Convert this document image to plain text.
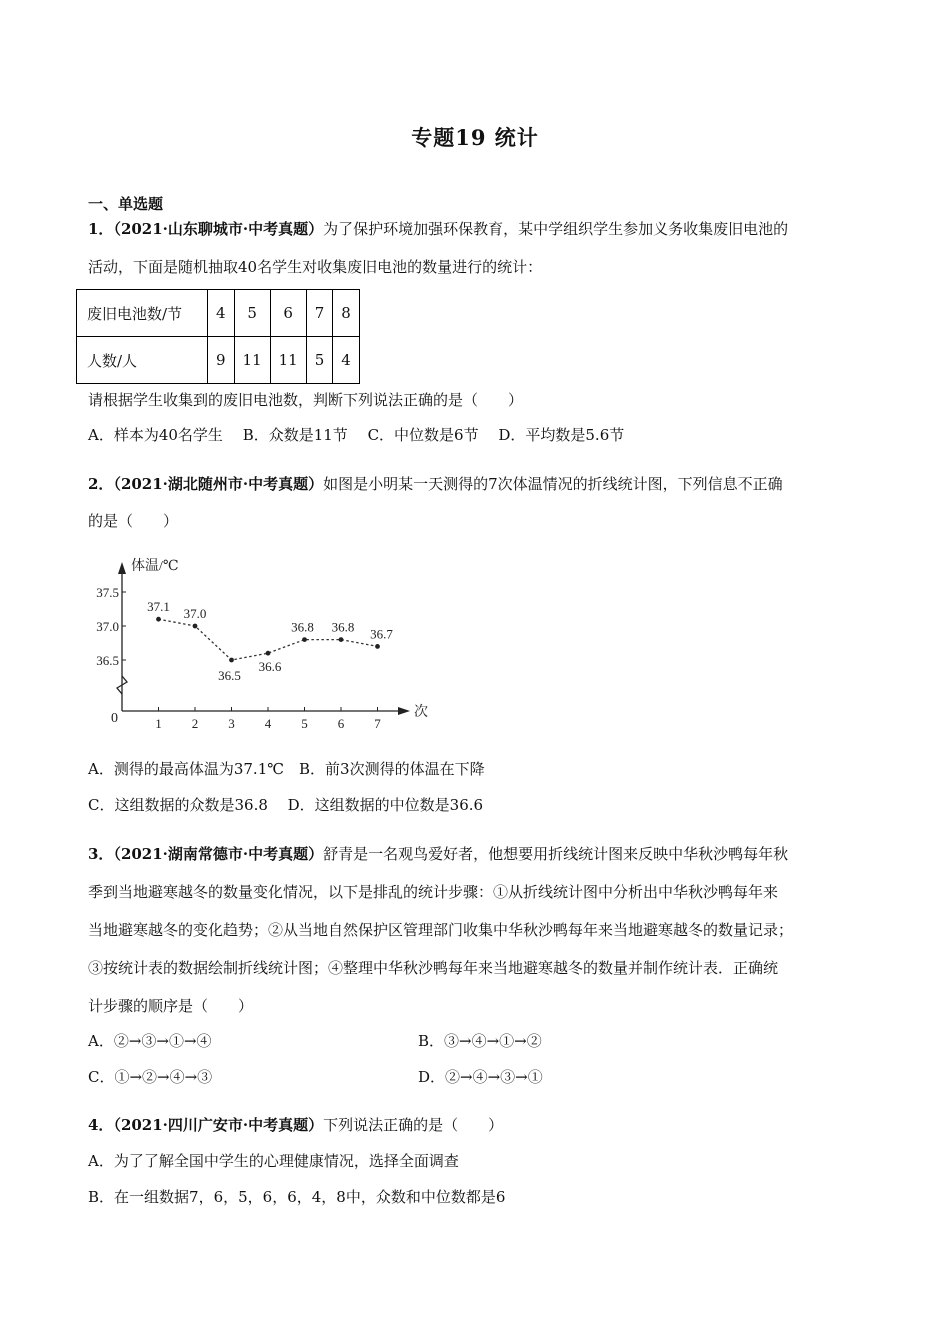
专题19 统计
一、单选题
1．（2021·山东聊城市·中考真题）为了保护环境加强环保教育，某中学组织学生参加义务收集废旧电池的
活动，下面是随机抽取40名学生对收集废旧电池的数量进行的统计：
废旧电池数/节	4	5	6	7	8
人数/人	9	11	11	5	4
请根据学生收集到的废旧电池数，判断下列说法正确的是（　　）
A．样本为40名学生　 B．众数是11节　 C．中位数是6节　 D．平均数是5.6节
2．（2021·湖北随州市·中考真题）如图是小明某一天测得的7次体温情况的折线统计图，下列信息不正确
的是（　　）
体温/℃
次
0
37.5
37.0
36.5
1 2 3 4 5 6 7
37.1 37.0
36.5
36.6
36.8 36.8 36.7
A．测得的最高体温为37.1℃　B．前3次测得的体温在下降
C．这组数据的众数是36.8　 D．这组数据的中位数是36.6
3．（2021·湖南常德市·中考真题）舒青是一名观鸟爱好者，他想要用折线统计图来反映中华秋沙鸭每年秋
季到当地避寒越冬的数量变化情况，以下是排乱的统计步骤：①从折线统计图中分析出中华秋沙鸭每年来
当地避寒越冬的变化趋势；②从当地自然保护区管理部门收集中华秋沙鸭每年来当地避寒越冬的数量记录；
③按统计表的数据绘制折线统计图；④整理中华秋沙鸭每年来当地避寒越冬的数量并制作统计表．正确统
计步骤的顺序是（　　）
A．②→③→①→④	B．③→④→①→②
C．①→②→④→③	D．②→④→③→①
4．（2021·四川广安市·中考真题）下列说法正确的是（　　）
A．为了了解全国中学生的心理健康情况，选择全面调查
B．在一组数据7，6，5，6，6，4，8中，众数和中位数都是6
